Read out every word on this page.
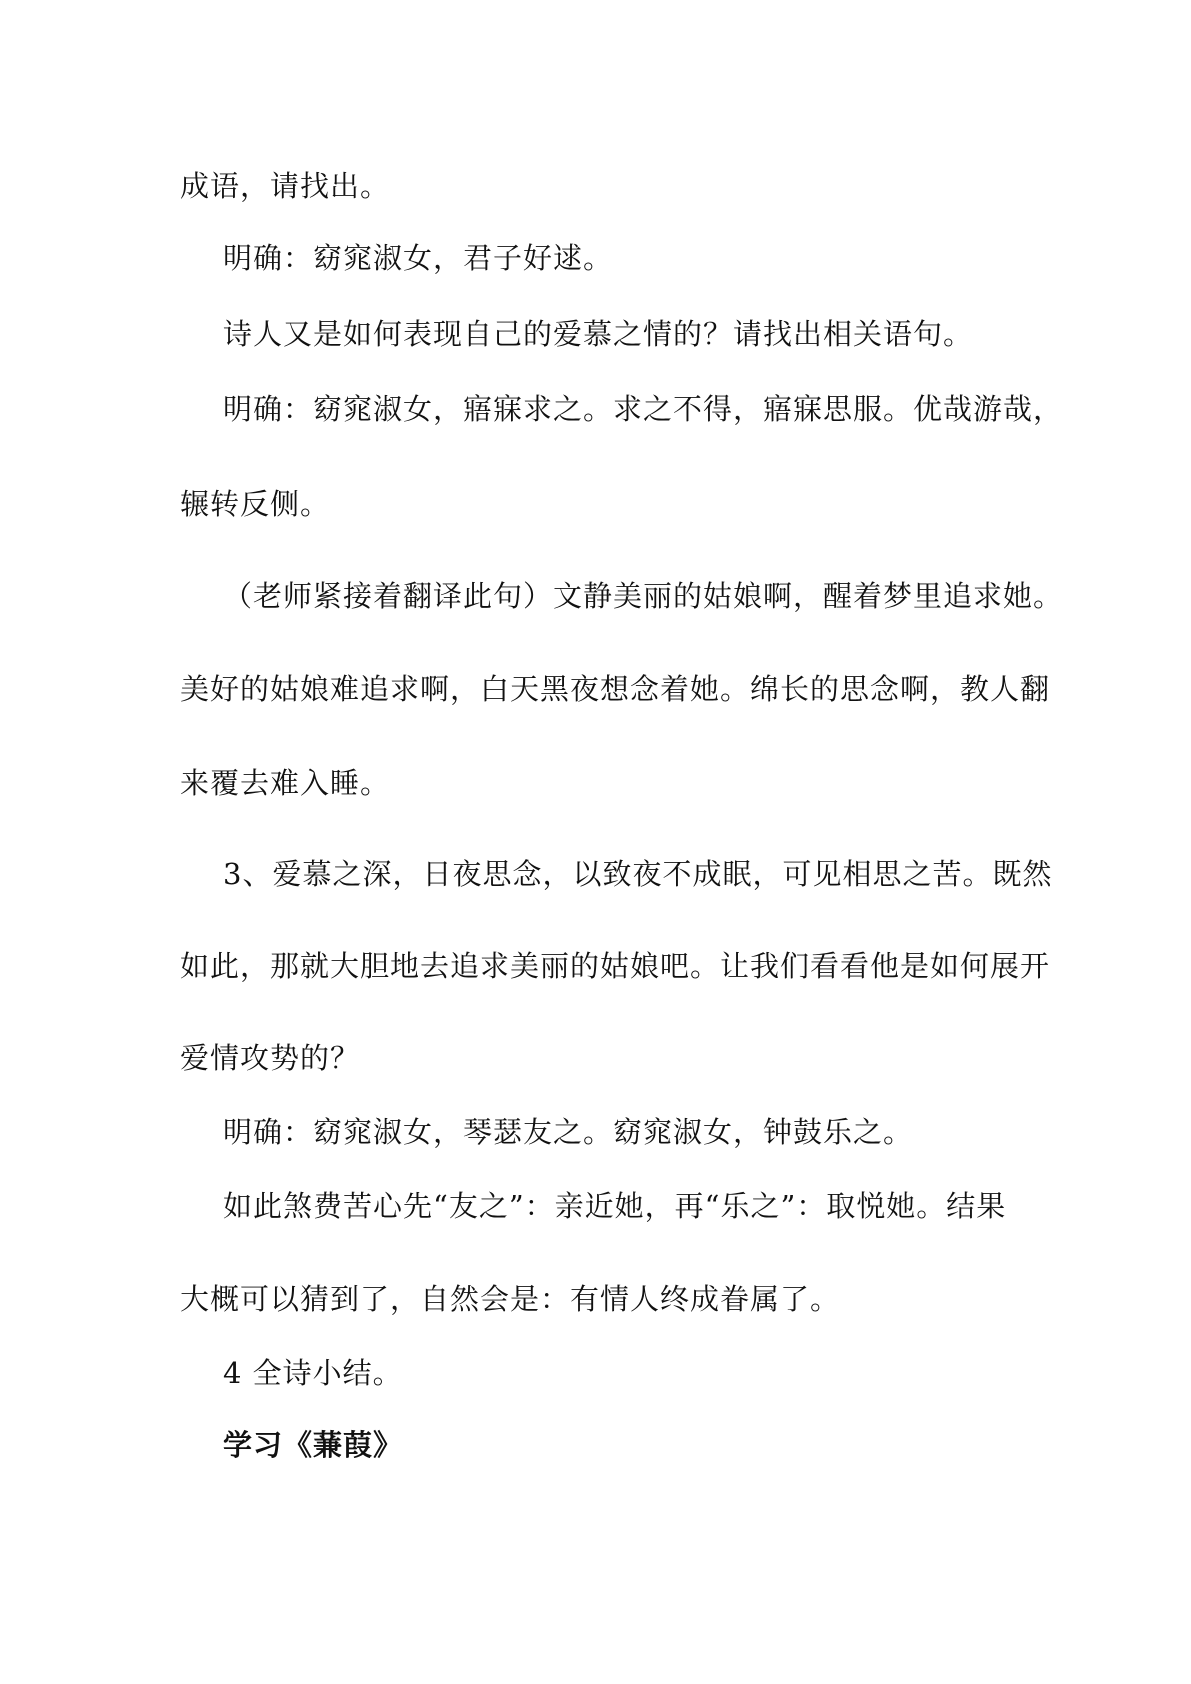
成语，请找出。
明确：窈窕淑女，君子好逑。
诗人又是如何表现自己的爱慕之情的？请找出相关语句。
明确：窈窕淑女，寤寐求之。求之不得，寤寐思服。优哉游哉，
辗转反侧。
（老师紧接着翻译此句）文静美丽的姑娘啊，醒着梦里追求她。
美好的姑娘难追求啊，白天黑夜想念着她。绵长的思念啊，教人翻
来覆去难入睡。
3、爱慕之深，日夜思念，以致夜不成眠，可见相思之苦。既然
如此，那就大胆地去追求美丽的姑娘吧。让我们看看他是如何展开
爱情攻势的？
明确：窈窕淑女，琴瑟友之。窈窕淑女，钟鼓乐之。
如此煞费苦心先“友之”：亲近她，再“乐之”：取悦她。结果
大概可以猜到了，自然会是：有情人终成眷属了。
4 全诗小结。
学习《蒹葭》
